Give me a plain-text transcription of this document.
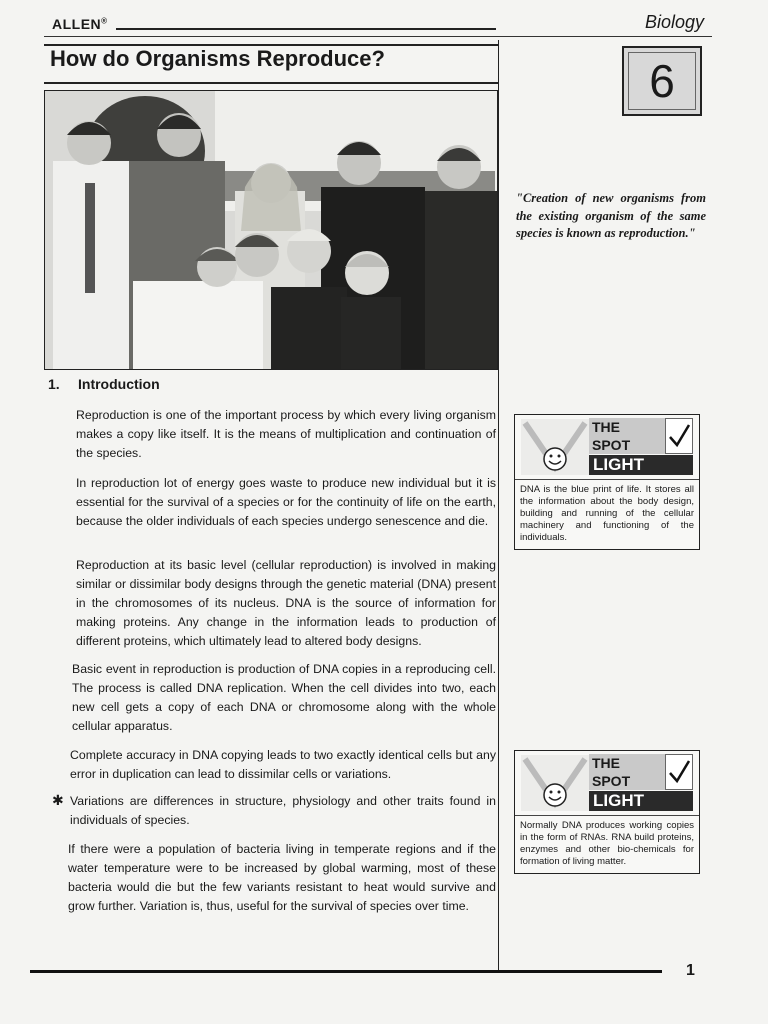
ALLEN®	Biology
How do Organisms Reproduce?	6
"Creation of new organisms from the existing organism of the same species is known as reproduction."
1. Introduction
Reproduction is one of the important process by which every living organism makes a copy like itself. It is the means of multiplication and continuation of the species.
In reproduction lot of energy goes waste to produce new individual but it is essential for the survival of a species or for the continuity of life on the earth, because the older individuals of each species undergo senescence and die.
Reproduction at its basic level (cellular reproduction) is involved in making similar or dissimilar body designs through the genetic material (DNA) present in the chromosomes of its nucleus. DNA is the source of information for making proteins. Any change in the information leads to production of different proteins, which ultimately lead to altered body designs.
Basic event in reproduction is production of DNA copies in a reproducing cell. The process is called DNA replication. When the cell divides into two, each new cell gets a copy of each DNA or chromosome along with the whole cellular apparatus.
Complete accuracy in DNA copying leads to two exactly identical cells but any error in duplication can lead to dissimilar cells or variations.
✱ Variations are differences in structure, physiology and other traits found in individuals of species.
If there were a population of bacteria living in temperate regions and if the water temperature were to be increased by global warming, most of these bacteria would die but the few variants resistant to heat would survive and grow further. Variation is, thus, useful for the survival of species over time.
THE
SPOT
LIGHT
DNA is the blue print of life. It stores all the information about the body design, building and running of the cellular machinery and functioning of the individuals.
THE
SPOT
LIGHT
Normally DNA produces working copies in the form of RNAs. RNA build proteins, enzymes and other bio-chemicals for formation of living matter.
1
